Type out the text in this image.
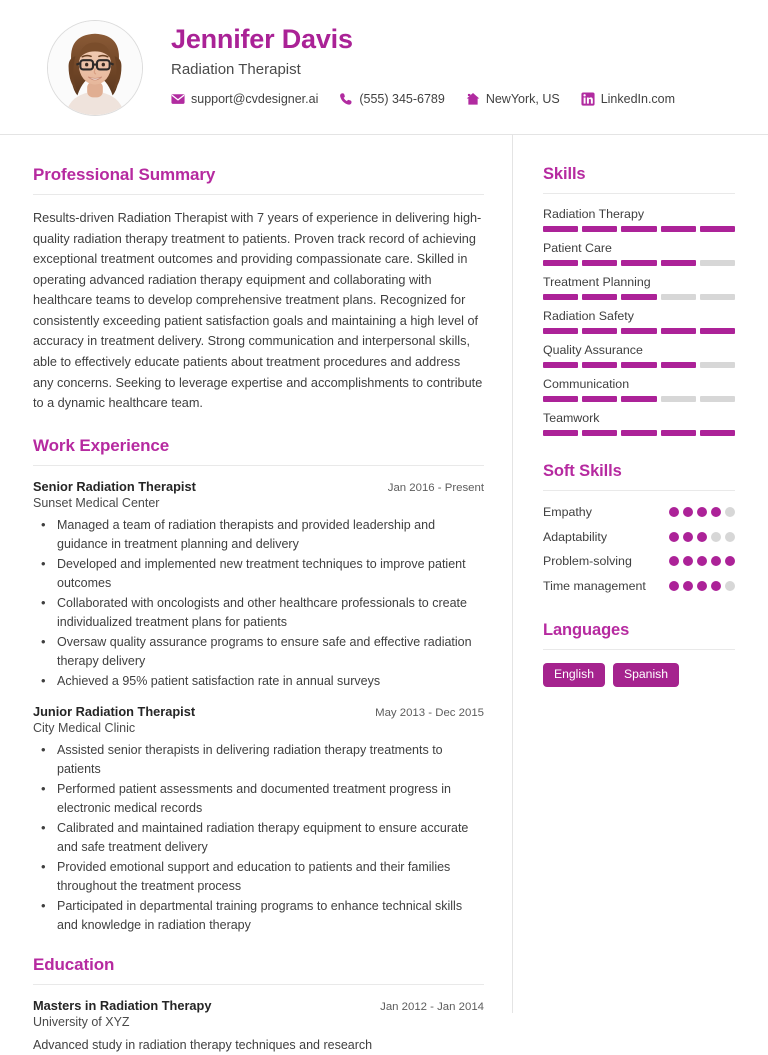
Jennifer Davis
Radiation Therapist
support@cvdesigner.ai	(555) 345-6789	NewYork, US	LinkedIn.com
Professional Summary
Results-driven Radiation Therapist with 7 years of experience in delivering high-quality radiation therapy treatment to patients. Proven track record of achieving exceptional treatment outcomes and providing compassionate care. Skilled in operating advanced radiation therapy equipment and collaborating with healthcare teams to develop comprehensive treatment plans. Recognized for consistently exceeding patient satisfaction goals and maintaining a high level of accuracy in treatment delivery. Strong communication and interpersonal skills, able to effectively educate patients about treatment procedures and address any concerns. Seeking to leverage expertise and accomplishments to contribute to a dynamic healthcare team.
Work Experience
Senior Radiation Therapist	Jan 2016 - Present
Sunset Medical Center
• Managed a team of radiation therapists and provided leadership and guidance in treatment planning and delivery
• Developed and implemented new treatment techniques to improve patient outcomes
• Collaborated with oncologists and other healthcare professionals to create individualized treatment plans for patients
• Oversaw quality assurance programs to ensure safe and effective radiation therapy delivery
• Achieved a 95% patient satisfaction rate in annual surveys
Junior Radiation Therapist	May 2013 - Dec 2015
City Medical Clinic
• Assisted senior therapists in delivering radiation therapy treatments to patients
• Performed patient assessments and documented treatment progress in electronic medical records
• Calibrated and maintained radiation therapy equipment to ensure accurate and safe treatment delivery
• Provided emotional support and education to patients and their families throughout the treatment process
• Participated in departmental training programs to enhance technical skills and knowledge in radiation therapy
Education
Masters in Radiation Therapy	Jan 2012 - Jan 2014
University of XYZ
Advanced study in radiation therapy techniques and research
Skills
Radiation Therapy
Patient Care
Treatment Planning
Radiation Safety
Quality Assurance
Communication
Teamwork
Soft Skills
Empathy
Adaptability
Problem-solving
Time management
Languages
English	Spanish
